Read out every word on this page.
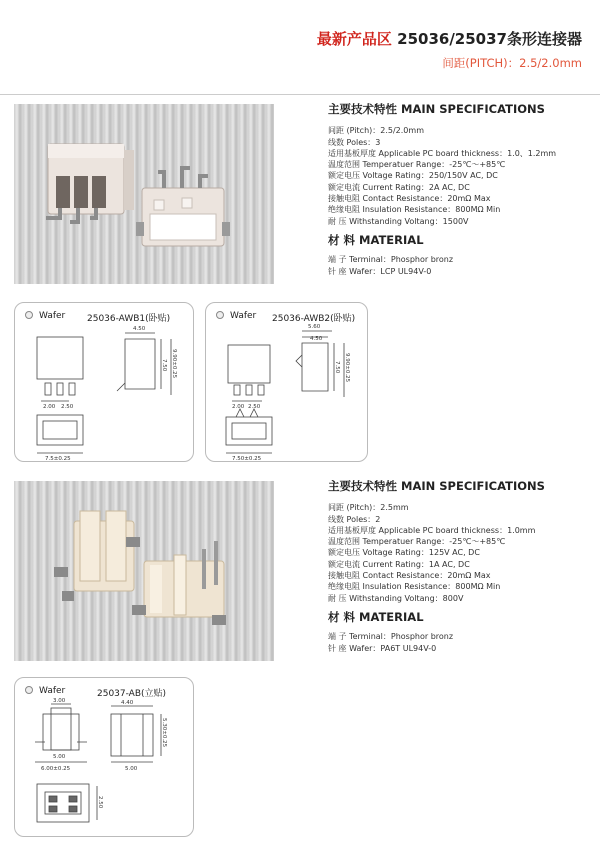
最新产品区 25036/25037条形连接器
间距(PITCH)：2.5/2.0mm
主要技术特性 MAIN SPECIFICATIONS
间距 (Pitch)：2.5/2.0mm
线数 Poles：3
适用基板厚度 Applicable PC board thickness：1.0、1.2mm
温度范围 Temperatuer Range：-25℃～+85℃
额定电压 Voltage Rating：250/150V AC, DC
额定电流 Current Rating：2A AC, DC
接触电阻 Contact Resistance：20mΩ Max
绝缘电阻 Insulation Resistance：800MΩ Min
耐 压 Withstanding Voltang：1500V
材 料 MATERIAL
端 子 Terminal：Phosphor bronz
针 座 Wafer：LCP UL94V-0
Wafer 25036-AWB1(卧贴)
4.50
7.50 9.90±0.25
2.00 2.50
7.5±0.25
Wafer 25036-AWB2(卧贴)
5.60
4.50
7.50 9.90±0.25
2.00 2.50
7.50±0.25
主要技术特性 MAIN SPECIFICATIONS
间距 (Pitch)：2.5mm
线数 Poles：2
适用基板厚度 Applicable PC board thickness：1.0mm
温度范围 Temperatuer Range：-25℃～+85℃
额定电压 Voltage Rating：125V AC, DC
额定电流 Current Rating：1A AC, DC
接触电阻 Contact Resistance：20mΩ Max
绝缘电阻 Insulation Resistance：800MΩ Min
耐 压 Withstanding Voltang：800V
材 料 MATERIAL
端 子 Terminal：Phosphor bronz
针 座 Wafer：PA6T UL94V-0
Wafer	25037-AB(立贴)
3.00	4.40
5.30±0.25
5.00
6.00±0.25	5.00
2.50
